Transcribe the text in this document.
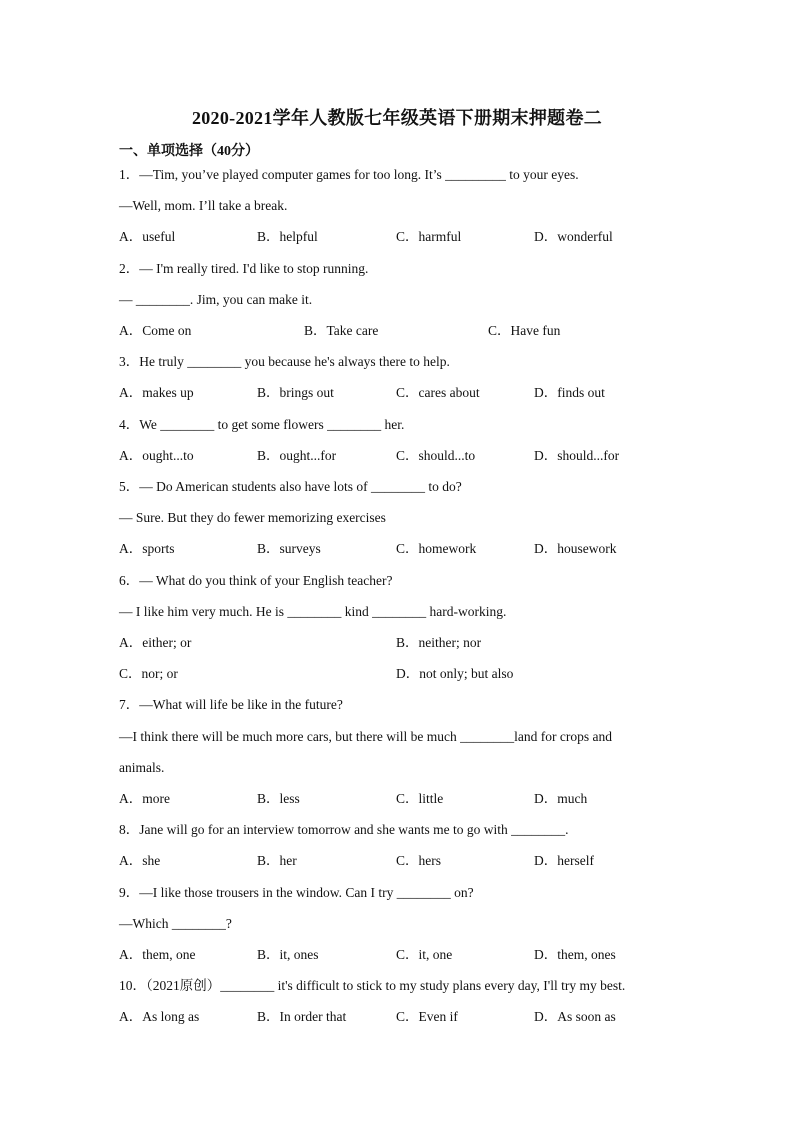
2020-2021学年人教版七年级英语下册期末押题卷二
一、单项选择（40分）
1．—Tim, you’ve played computer games for too long. It’s _________ to your eyes.
—Well, mom. I’ll take a break.
A．useful	B．helpful	C．harmful	D．wonderful
2．— I'm really tired. I'd like to stop running.
— ________. Jim, you can make it.
A．Come on	B．Take care	C．Have fun
3．He truly ________ you because he's always there to help.
A．makes up	B．brings out	C．cares about	D．finds out
4．We ________ to get some flowers ________ her.
A．ought...to	B．ought...for	C．should...to	D．should...for
5．— Do American students also have lots of ________ to do?
— Sure. But they do fewer memorizing exercises
A．sports	B．surveys	C．homework	D．housework
6．— What do you think of your English teacher?
— I like him very much. He is ________ kind ________ hard-working.
A．either; or	B．neither; nor
C．nor; or	D．not only; but also
7．—What will life be like in the future?
—I think there will be much more cars, but there will be much ________land for crops and
animals.
A．more	B．less	C．little	D．much
8．Jane will go for an interview tomorrow and she wants me to go with ________.
A．she	B．her	C．hers	D．herself
9．—I like those trousers in the window. Can I try ________ on?
—Which ________?
A．them, one	B．it, ones	C．it, one	D．them, ones
10．（2021原创）________ it's difficult to stick to my study plans every day, I'll try my best.
A．As long as	B．In order that	C．Even if	D．As soon as
